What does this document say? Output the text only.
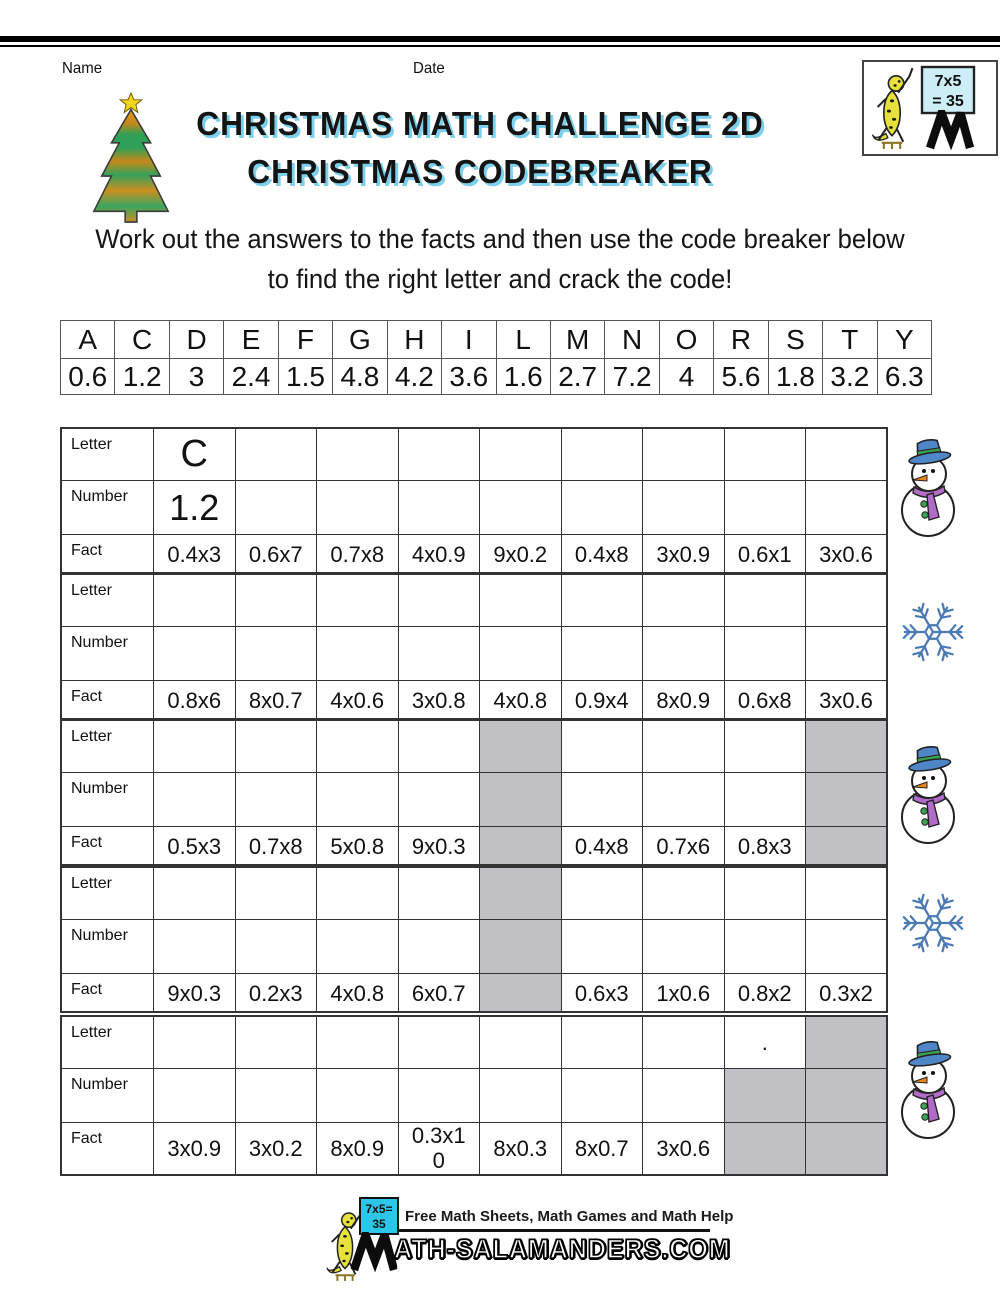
Name	Date
CHRISTMAS MATH CHALLENGE 2D
CHRISTMAS CODEBREAKER
7x5
= 35
Work out the answers to the facts and then use the code breaker below
to find the right letter and crack the code!
A	C	D	E	F	G	H	I	L	M	N	O	R	S	T	Y
0.6	1.2	3	2.4	1.5	4.8	4.2	3.6	1.6	2.7	7.2	4	5.6	1.8	3.2	6.3
Letter	C								
Number	1.2								
Fact	0.4x3	0.6x7	0.7x8	4x0.9	9x0.2	0.4x8	3x0.9	0.6x1	3x0.6
Letter									
Number									
Fact	0.8x6	8x0.7	4x0.6	3x0.8	4x0.8	0.9x4	8x0.9	0.6x8	3x0.6
Letter									
Number									
Fact	0.5x3	0.7x8	5x0.8	9x0.3		0.4x8	0.7x6	0.8x3	
Letter									
Number									
Fact	9x0.3	0.2x3	4x0.8	6x0.7		0.6x3	1x0.6	0.8x2	0.3x2
Letter								.	
Number									
Fact	3x0.9	3x0.2	8x0.9	0.3x10	8x0.3	8x0.7	3x0.6		
7x5=
35 Free Math Sheets, Math Games and Math Help
ATH-SALAMANDERS.COM
